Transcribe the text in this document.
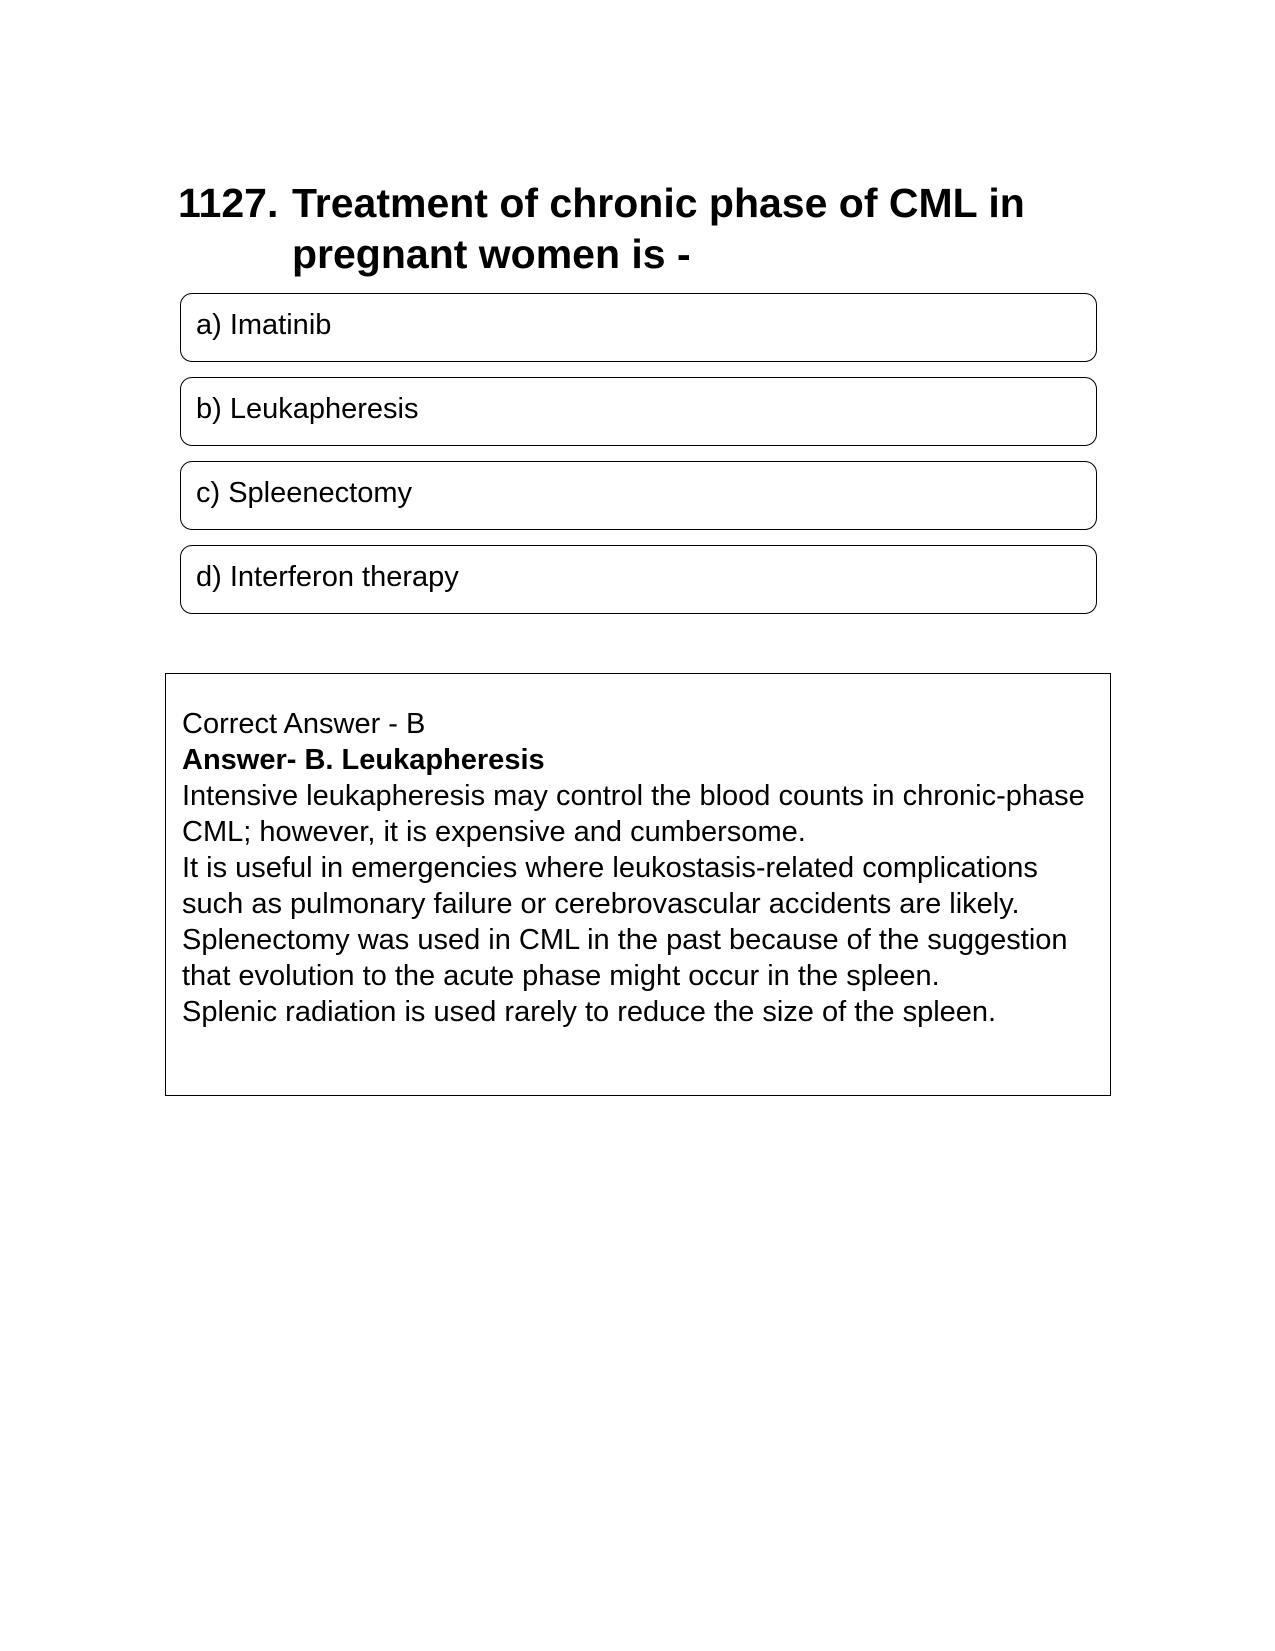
1127. Treatment of chronic phase of CML in pregnant women is -
a) Imatinib
b) Leukapheresis
c) Spleenectomy
d) Interferon therapy

Correct Answer - B

Answer- B. Leukapheresis

Intensive leukapheresis may control the blood counts in chronic-phase CML; however, it is expensive and cumbersome.

It is useful in emergencies where leukostasis-related complications such as pulmonary failure or cerebrovascular accidents are likely.

Splenectomy was used in CML in the past because of the suggestion that evolution to the acute phase might occur in the spleen.

Splenic radiation is used rarely to reduce the size of the spleen.
